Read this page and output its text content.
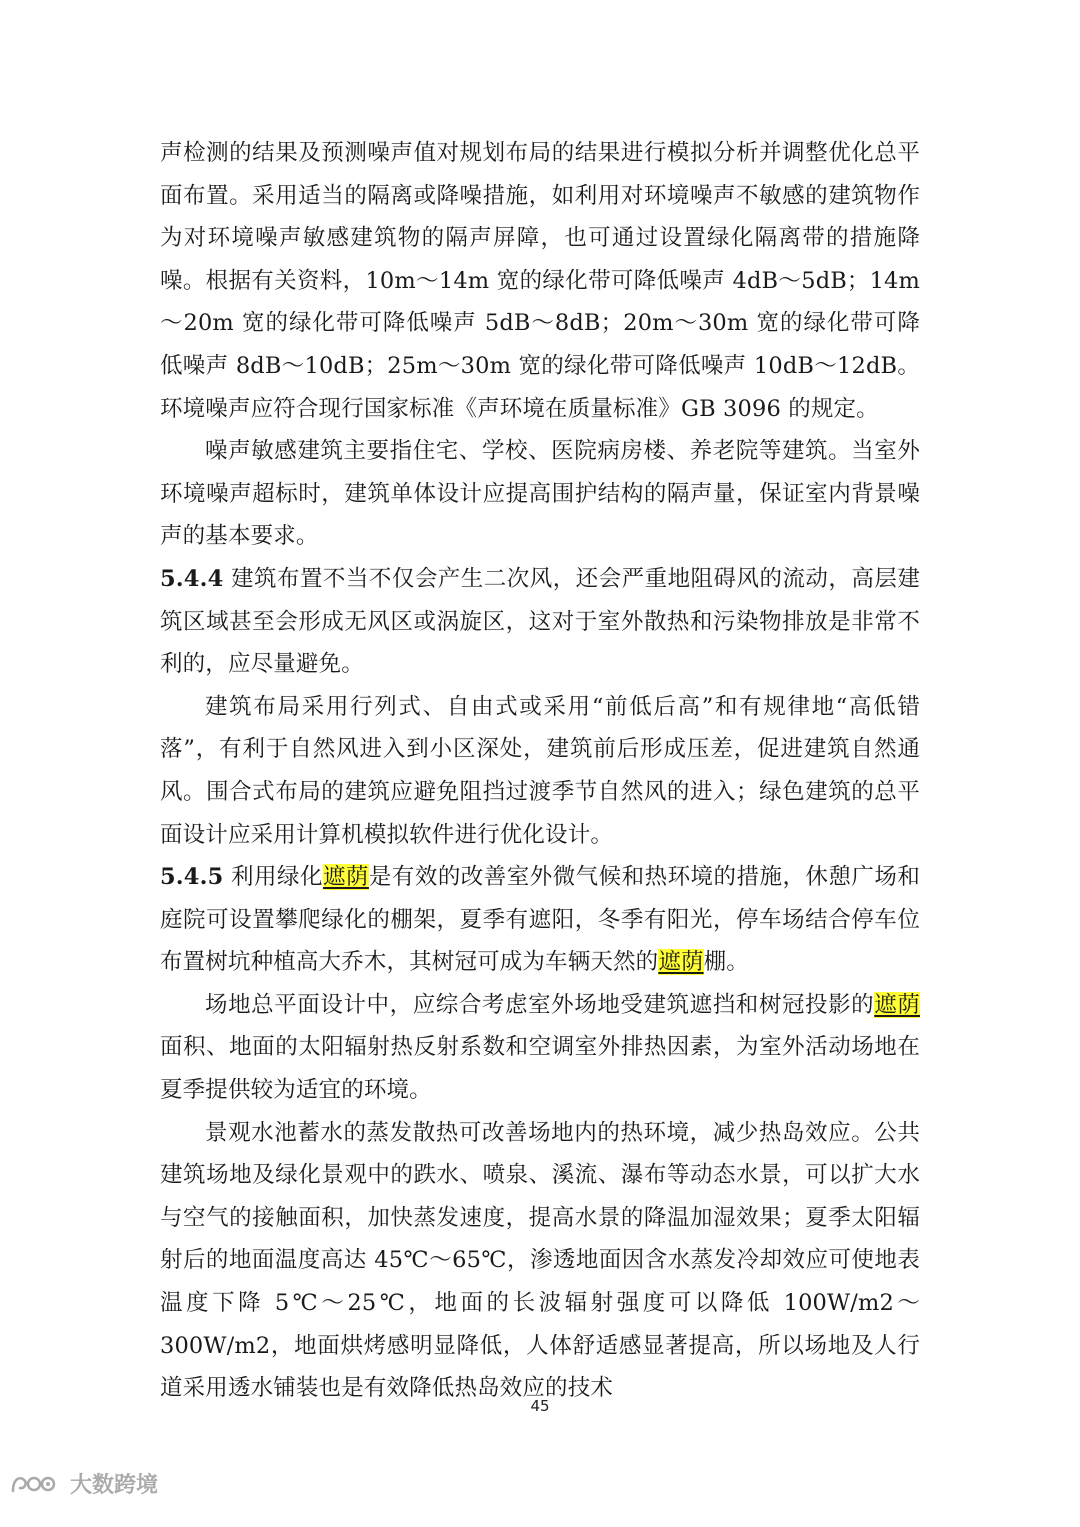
声检测的结果及预测噪声值对规划布局的结果进行模拟分析并调整优化总平面布置。采用适当的隔离或降噪措施，如利用对环境噪声不敏感的建筑物作为对环境噪声敏感建筑物的隔声屏障，也可通过设置绿化隔离带的措施降噪。根据有关资料，10m～14m 宽的绿化带可降低噪声 4dB～5dB；14m～20m 宽的绿化带可降低噪声 5dB～8dB；20m～30m 宽的绿化带可降低噪声 8dB～10dB；25m～30m 宽的绿化带可降低噪声 10dB～12dB。环境噪声应符合现行国家标准《声环境在质量标准》GB 3096 的规定。

噪声敏感建筑主要指住宅、学校、医院病房楼、养老院等建筑。当室外环境噪声超标时，建筑单体设计应提高围护结构的隔声量，保证室内背景噪声的基本要求。

5.4.4 建筑布置不当不仅会产生二次风，还会严重地阻碍风的流动，高层建筑区域甚至会形成无风区或涡旋区，这对于室外散热和污染物排放是非常不利的，应尽量避免。

建筑布局采用行列式、自由式或采用“前低后高”和有规律地“高低错落”，有利于自然风进入到小区深处，建筑前后形成压差，促进建筑自然通风。围合式布局的建筑应避免阻挡过渡季节自然风的进入；绿色建筑的总平面设计应采用计算机模拟软件进行优化设计。

5.4.5 利用绿化遮荫是有效的改善室外微气候和热环境的措施，休憩广场和庭院可设置攀爬绿化的棚架，夏季有遮阳，冬季有阳光，停车场结合停车位布置树坑种植高大乔木，其树冠可成为车辆天然的遮荫棚。

场地总平面设计中，应综合考虑室外场地受建筑遮挡和树冠投影的遮荫面积、地面的太阳辐射热反射系数和空调室外排热因素，为室外活动场地在夏季提供较为适宜的环境。

景观水池蓄水的蒸发散热可改善场地内的热环境，减少热岛效应。公共建筑场地及绿化景观中的跌水、喷泉、溪流、瀑布等动态水景，可以扩大水与空气的接触面积，加快蒸发速度，提高水景的降温加湿效果；夏季太阳辐射后的地面温度高达 45℃～65℃，渗透地面因含水蒸发冷却效应可使地表温度下降 5℃～25℃，地面的长波辐射强度可以降低 100W/m2～300W/m2，地面烘烤感明显降低，人体舒适感显著提高，所以场地及人行道采用透水铺装也是有效降低热岛效应的技术

45
大数跨境
